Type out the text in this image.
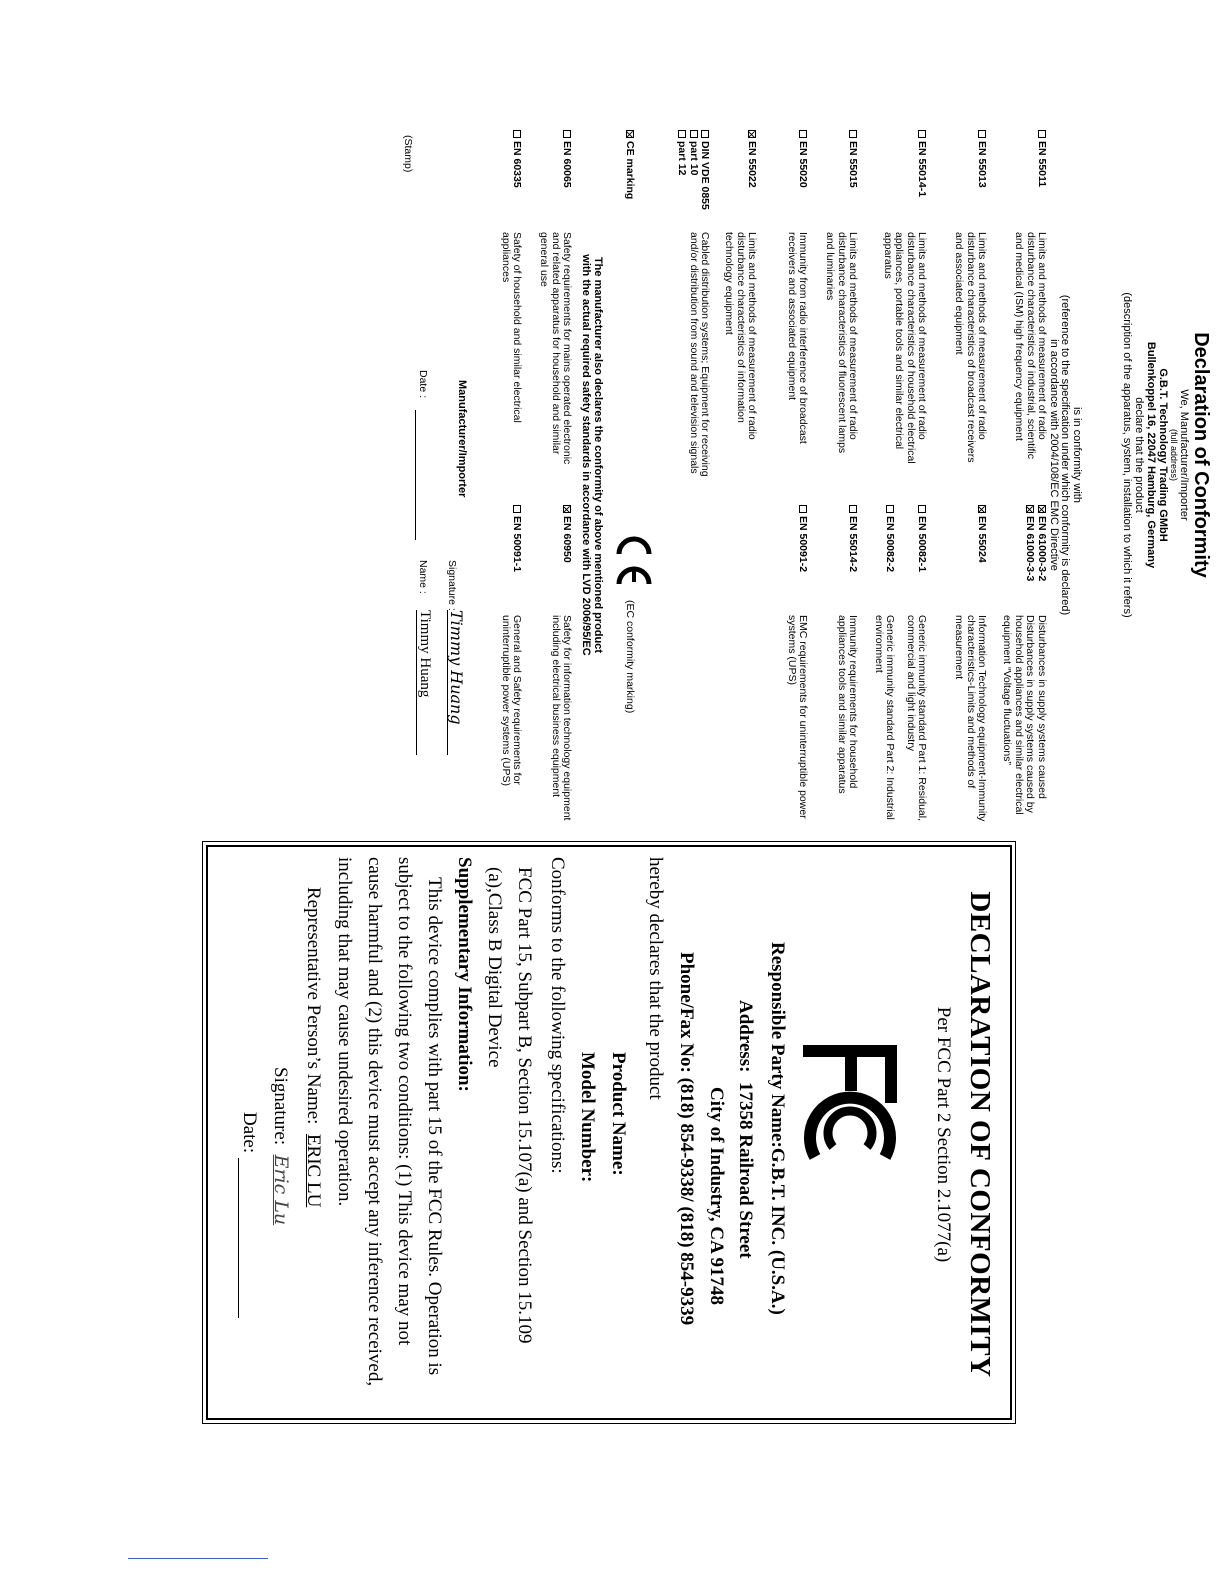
Declaration of Conformity
We, Manufacturer/Importer
(full address)
G.B.T. Technology Trading GMbH
Bullenkoppel 16, 22047 Hamburg, Germany
declare that the product
(description of the apparatus, system, installation to which it refers)
is in conformity with
(reference to the specification under which conformity is declared)
in accordance with 2004/108/EC EMC Directive
EN 55011
Limits and methods of measurement of radio disturbance characteristics of industrial, scientific and medical (ISM) high frequency equipment
EN 55013
Limits and methods of measurement of radio disturbance characteristics of broadcast receivers and associated equipment
EN 55014-1
Limits and methods of measurement of radio disturbance characteristics of household electrical appliances, portable tools and similar electrical apparatus
EN 55015
Limits and methods of measurement of radio disturbance characteristics of fluorescent lamps and luminaries
EN 55020
Immunity from radio interference of broadcast receivers and associated equipment
EN 55022
Limits and methods of measurement of radio disturbance characteristics of information technology equipment
DIN VDE 0855
part 10
part 12
Cabled distribution systems; Equipment for receiving and/or distribution from sound and television signals
EN 61000-3-2
Disturbances in supply systems caused
EN 61000-3-3
Disturbances in supply systems caused by household appliances and similar electrical equipment “Voltage fluctuations”
EN 55024
Information Technology equipment-Immunity characteristics-Limits and methods of measurement
EN 50082-1
Generic immunity standard Part 1: Residual, commercial and light industry
EN 50082-2
Generic immunity standard Part 2: Industrial environment
EN 55014-2
Immunity requirements for household appliances tools and similar apparatus
EN 50091-2
EMC requirements for uninterruptible power systems (UPS)
CE marking
(EC conformity marking)
The manufacturer also declares the conformity of above mentioned product
with the actual required safety standards in accordance with LVD 2006/95/EC
EN 60065
Safety requirements for mains operated electronic and related apparatus for household and similar general use
EN 60335
Safety of household and similar electrical appliances
EN 60950
Safety for information technology equipment including electrical business equipment
EN 50091-1
General and Safety requirements for uninterruptible power systems (UPS)
Manufacturer/Importer
Signature :
Timmy Huang
Name :
Timmy Huang
(Stamp)
Date :
DECLARATION OF CONFORMITY
Per FCC Part 2 Section 2.1077(a)
FC
Responsible Party Name:G.B.T. INC. (U.S.A.)
Address:  17358 Railroad Street
City of Industry, CA 91748
Phone/Fax No: (818) 854-9338/ (818) 854-9339
hereby declares that the product
Product Name:
Model Number:
Conforms to the following specifications:
FCC Part 15, Subpart B, Section 15.107(a) and Section 15.109
(a),Class B Digital Device
Supplementary Information:
This device complies with part 15 of the FCC Rules. Operation is
subject to the following two conditions: (1) This device may not
cause harmful and (2) this device must accept any inference received,
including that may cause undesired operation.
Representative Person’s Name:  ERIC LU
Signature:  Eric Lu
Date:
